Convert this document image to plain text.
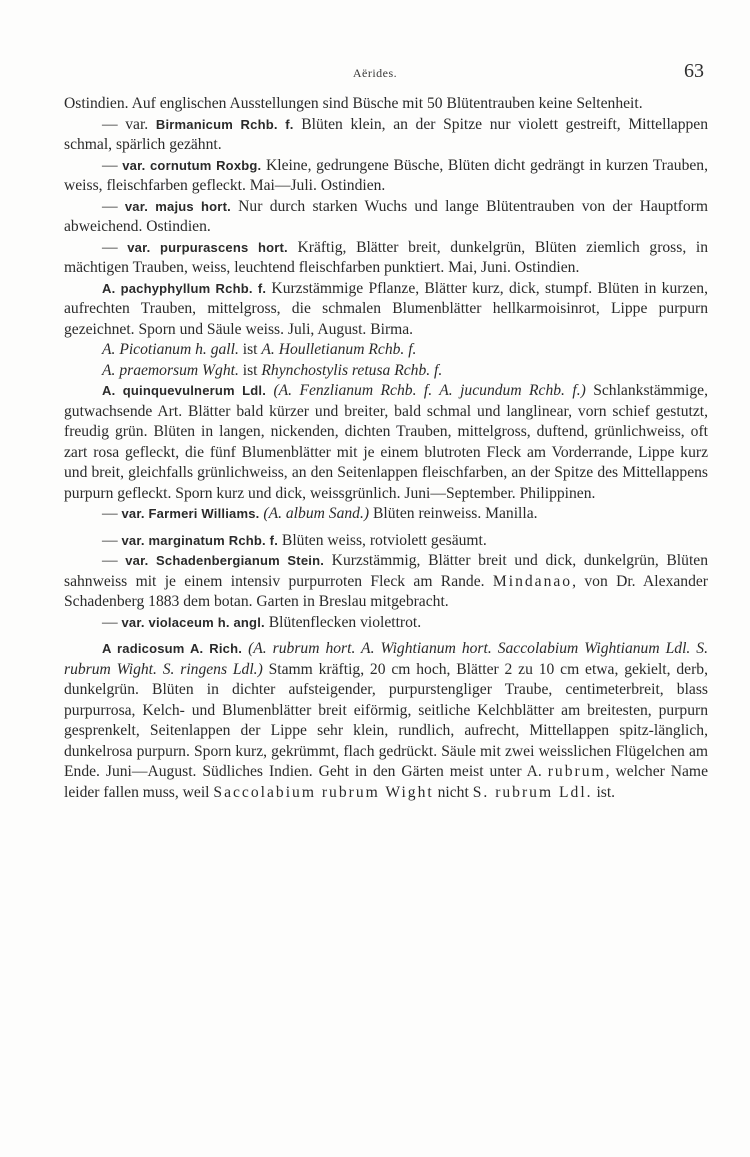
Aërides.	63

Ostindien. Auf englischen Ausstellungen sind Büsche mit 50 Blütentrauben keine Seltenheit.

— var. Birmanicum Rchb. f. Blüten klein, an der Spitze nur violett gestreift, Mittellappen schmal, spärlich gezähnt.

— var. cornutum Roxbg. Kleine, gedrungene Büsche, Blüten dicht gedrängt in kurzen Trauben, weiss, fleischfarben gefleckt. Mai—Juli. Ostindien.

— var. majus hort. Nur durch starken Wuchs und lange Blütentrauben von der Hauptform abweichend. Ostindien.

— var. purpurascens hort. Kräftig, Blätter breit, dunkelgrün, Blüten ziemlich gross, in mächtigen Trauben, weiss, leuchtend fleischfarben punktiert. Mai, Juni. Ostindien.

A. pachyphyllum Rchb. f. Kurzstämmige Pflanze, Blätter kurz, dick, stumpf. Blüten in kurzen, aufrechten Trauben, mittelgross, die schmalen Blumenblätter hellkarmoisinrot, Lippe purpurn gezeichnet. Sporn und Säule weiss. Juli, August. Birma.

A. Picotianum h. gall. ist A. Houlletianum Rchb. f.

A. praemorsum Wght. ist Rhynchostylis retusa Rchb. f.

A. quinquevulnerum Ldl. (A. Fenzlianum Rchb. f. A. jucundum Rchb. f.) Schlankstämmige, gutwachsende Art. Blätter bald kürzer und breiter, bald schmal und langlinear, vorn schief gestutzt, freudig grün. Blüten in langen, nickenden, dichten Trauben, mittelgross, duftend, grünlichweiss, oft zart rosa gefleckt, die fünf Blumenblätter mit je einem blutroten Fleck am Vorderrande, Lippe kurz und breit, gleichfalls grünlichweiss, an den Seitenlappen fleischfarben, an der Spitze des Mittellappens purpurn gefleckt. Sporn kurz und dick, weissgrünlich. Juni—September. Philippinen.

— var. Farmeri Williams. (A. album Sand.) Blüten reinweiss. Manilla.

— var. marginatum Rchb. f. Blüten weiss, rotviolett gesäumt.

— var. Schadenbergianum Stein. Kurzstämmig, Blätter breit und dick, dunkelgrün, Blüten sahnweiss mit je einem intensiv purpurroten Fleck am Rande. Mindanao, von Dr. Alexander Schadenberg 1883 dem botan. Garten in Breslau mitgebracht.

— var. violaceum h. angl. Blütenflecken violettrot.

A radicosum A. Rich. (A. rubrum hort. A. Wightianum hort. Saccolabium Wightianum Ldl. S. rubrum Wight. S. ringens Ldl.) Stamm kräftig, 20 cm hoch, Blätter 2 zu 10 cm etwa, gekielt, derb, dunkelgrün. Blüten in dichter aufsteigender, purpurstengliger Traube, centimeterbreit, blass purpurrosa, Kelch- und Blumenblätter breit eiförmig, seitliche Kelchblätter am breitesten, purpurn gesprenkelt, Seitenlappen der Lippe sehr klein, rundlich, aufrecht, Mittellappen spitz-länglich, dunkelrosa purpurn. Sporn kurz, gekrümmt, flach gedrückt. Säule mit zwei weisslichen Flügelchen am Ende. Juni—August. Südliches Indien. Geht in den Gärten meist unter A. rubrum, welcher Name leider fallen muss, weil Saccolabium rubrum Wight nicht S. rubrum Ldl. ist.
